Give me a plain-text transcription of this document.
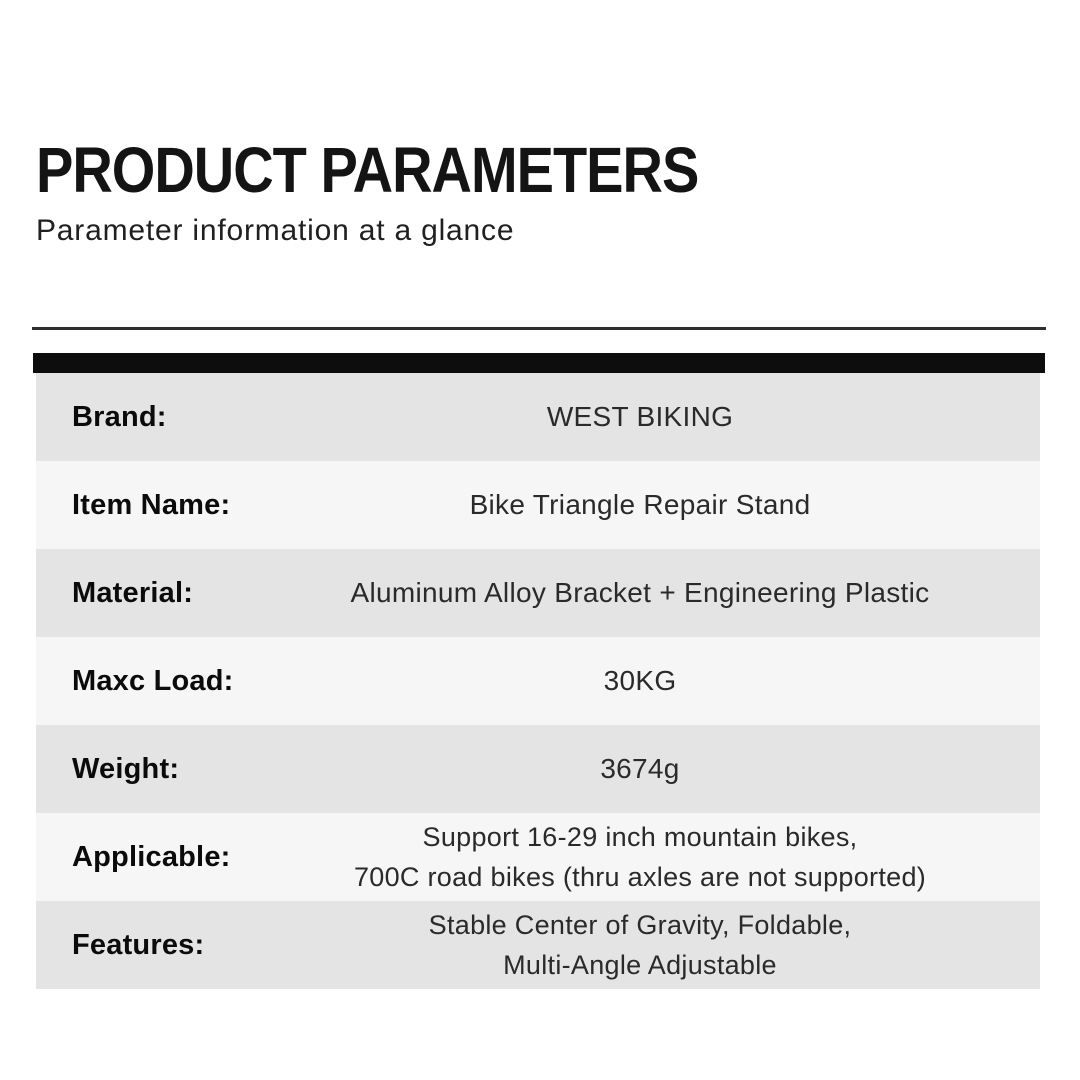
PRODUCT PARAMETERS
Parameter information at a glance
Brand:	WEST BIKING
Item Name:	Bike Triangle Repair Stand
Material:	Aluminum Alloy Bracket + Engineering Plastic
Maxc Load:	30KG
Weight:	3674g
Applicable:
Support 16-29 inch mountain bikes,
700C road bikes (thru axles are not supported)
Features:
Stable Center of Gravity, Foldable,
Multi-Angle Adjustable
